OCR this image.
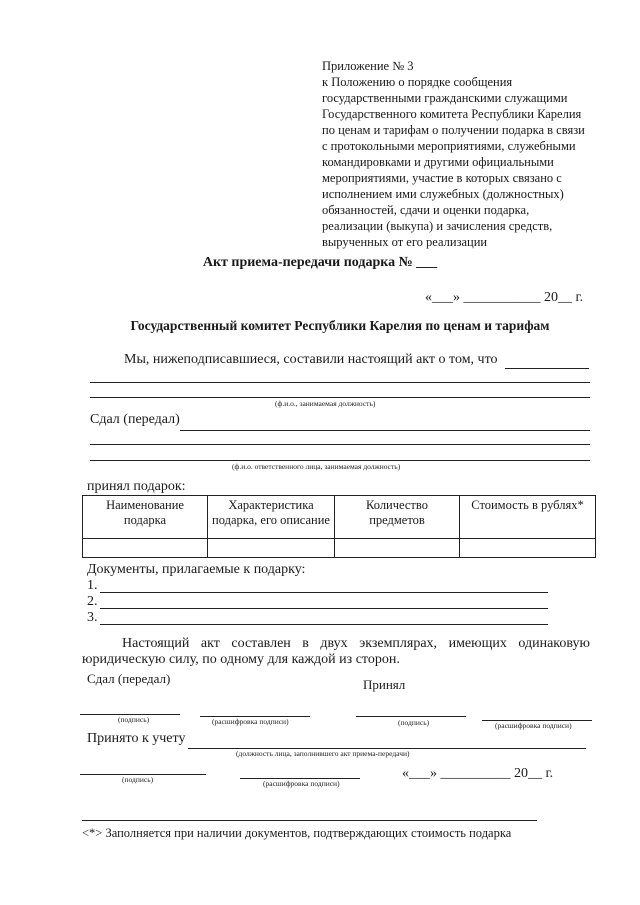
Приложение № 3
к Положению о порядке сообщения
государственными гражданскими служащими
Государственного комитета Республики Карелия
по ценам и тарифам о получении подарка в связи
с протокольными мероприятиями, служебными
командировками и другими официальными
мероприятиями, участие в которых связано с
исполнением ими служебных (должностных)
обязанностей, сдачи и оценки подарка,
реализации (выкупа) и зачисления средств,
вырученных от его реализации
Акт приема-передачи подарка № ___
«___» ___________ 20__ г.
Государственный комитет Республики Карелия по ценам и тарифам
Мы, нижеподписавшиеся, составили настоящий акт о том, что
(ф.и.о., занимаемая должность)
Сдал (передал)
(ф.и.о. ответственного лица, занимаемая должность)
принял подарок:
Наименование подарка	Характеристика подарка, его описание	Количество предметов	Стоимость в рублях*

Документы, прилагаемые к подарку:
1.
2.
3.
Настоящий акт составлен в двух экземплярах, имеющих одинаковую юридическую силу, по одному для каждой из сторон.
Сдал (передал)	Принял
(подпись)	(расшифровка подписи)	(подпись)	(расшифровка подписи)
Принято к учету
(должность лица, заполнившего акт приема-передачи)
(подпись)	(расшифровка подписи)
«___» __________ 20__ г.
<*> Заполняется при наличии документов, подтверждающих стоимость подарка
